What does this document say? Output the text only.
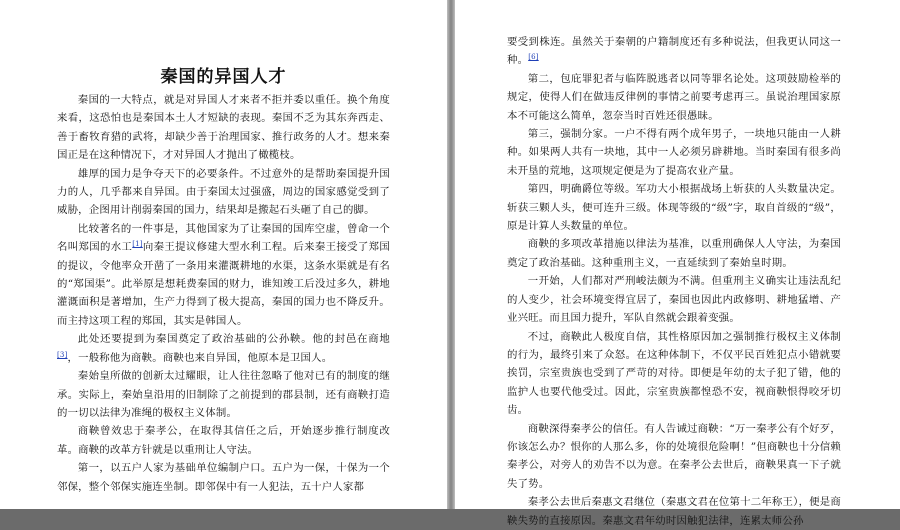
秦国的异国人才

秦国的一大特点，就是对异国人才来者不拒并委以重任。换个角度来看，这恐怕也是秦国本土人才短缺的表现。秦国不乏为其东奔西走、善于畜牧育猎的武将，却缺少善于治理国家、推行政务的人才。想来秦国正是在这种情况下，才对异国人才抛出了橄榄枝。

雄厚的国力是争夺天下的必要条件。不过意外的是帮助秦国提升国力的人，几乎都来自异国。由于秦国太过强盛，周边的国家感觉受到了威胁，企图用计削弱秦国的国力，结果却是搬起石头砸了自己的脚。

比较著名的一件事是，其他国家为了让秦国的国库空虚，曾命一个名叫郑国的水工[1]向秦王提议修建大型水利工程。后来秦王接受了郑国的提议，令他率众开凿了一条用来灌溉耕地的水渠，这条水渠就是有名的“郑国渠”。此举原是想耗费秦国的财力，谁知竣工后没过多久，耕地灌溉面积是著增加，生产力得到了极大提高，秦国的国力也不降反升。而主持这项工程的郑国，其实是韩国人。

此处还要提到为秦国奠定了政治基础的公孙鞅。他的封邑在商地[3]，一般称他为商鞅。商鞅也来自异国，他原本是卫国人。

秦始皇所做的创新太过耀眼，让人往往忽略了他对已有的制度的继承。实际上，秦始皇沿用的旧制除了之前提到的郡县制，还有商鞅打造的一切以法律为准绳的极权主义体制。

商鞅曾效忠于秦孝公，在取得其信任之后，开始逐步推行制度改革。商鞅的改革方针就是以重刑让人守法。

第一，以五户人家为基础单位编制户口。五户为一保，十保为一个邻保，整个邻保实施连坐制。即邻保中有一人犯法，五十户人家都

要受到株连。虽然关于秦朝的户籍制度还有多种说法，但我更认同这一种。[6]

第二，包庇罪犯者与临阵脱逃者以同等罪名论处。这项鼓励检举的规定，使得人们在做违反律例的事情之前要考虑再三。虽说治理国家原本不可能这么简单，忽奈当时百姓还很愚昧。

第三，强制分家。一户不得有两个成年男子，一块地只能由一人耕种。如果两人共有一块地，其中一人必须另辟耕地。当时秦国有很多尚未开垦的荒地，这项规定便是为了提高农业产量。

第四，明确爵位等级。军功大小根据战场上斩获的人头数量决定。斩获三颗人头，便可连升三级。体现等级的“级”字，取自首级的“级”，原是计算人头数量的单位。

商鞅的多项改革措施以律法为基准，以重刑确保人人守法，为秦国奠定了政治基础。这种重刑主义，一直延续到了秦始皇时期。

一开始，人们都对严刑峻法颇为不满。但重刑主义确实让违法乱纪的人变少，社会环境变得宜居了，秦国也因此内政修明、耕地猛增、产业兴旺。而且国力提升，军队自然就会跟着变强。

不过，商鞅此人极度自信，其性格原因加之强制推行极权主义体制的行为，最终引来了众怒。在这种体制下，不仅平民百姓犯点小错就要挨罚，宗室贵族也受到了严苛的对待。即便是年幼的太子犯了错，他的监护人也要代他受过。因此，宗室贵族都惶恐不安，视商鞅恨得咬牙切齿。

商鞅深得秦孝公的信任。有人告诫过商鞅：“万一秦孝公有个好歹，你该怎么办？恨你的人那么多，你的处境很危险啊！”但商鞅也十分信赖秦孝公，对旁人的劝告不以为意。在秦孝公去世后，商鞅果真一下子就失了势。

秦孝公去世后秦惠文君继位（秦惠文君在位第十二年称王），便是商鞅失势的直接原因。秦惠文君年幼时因触犯法律，连累太师公孙
